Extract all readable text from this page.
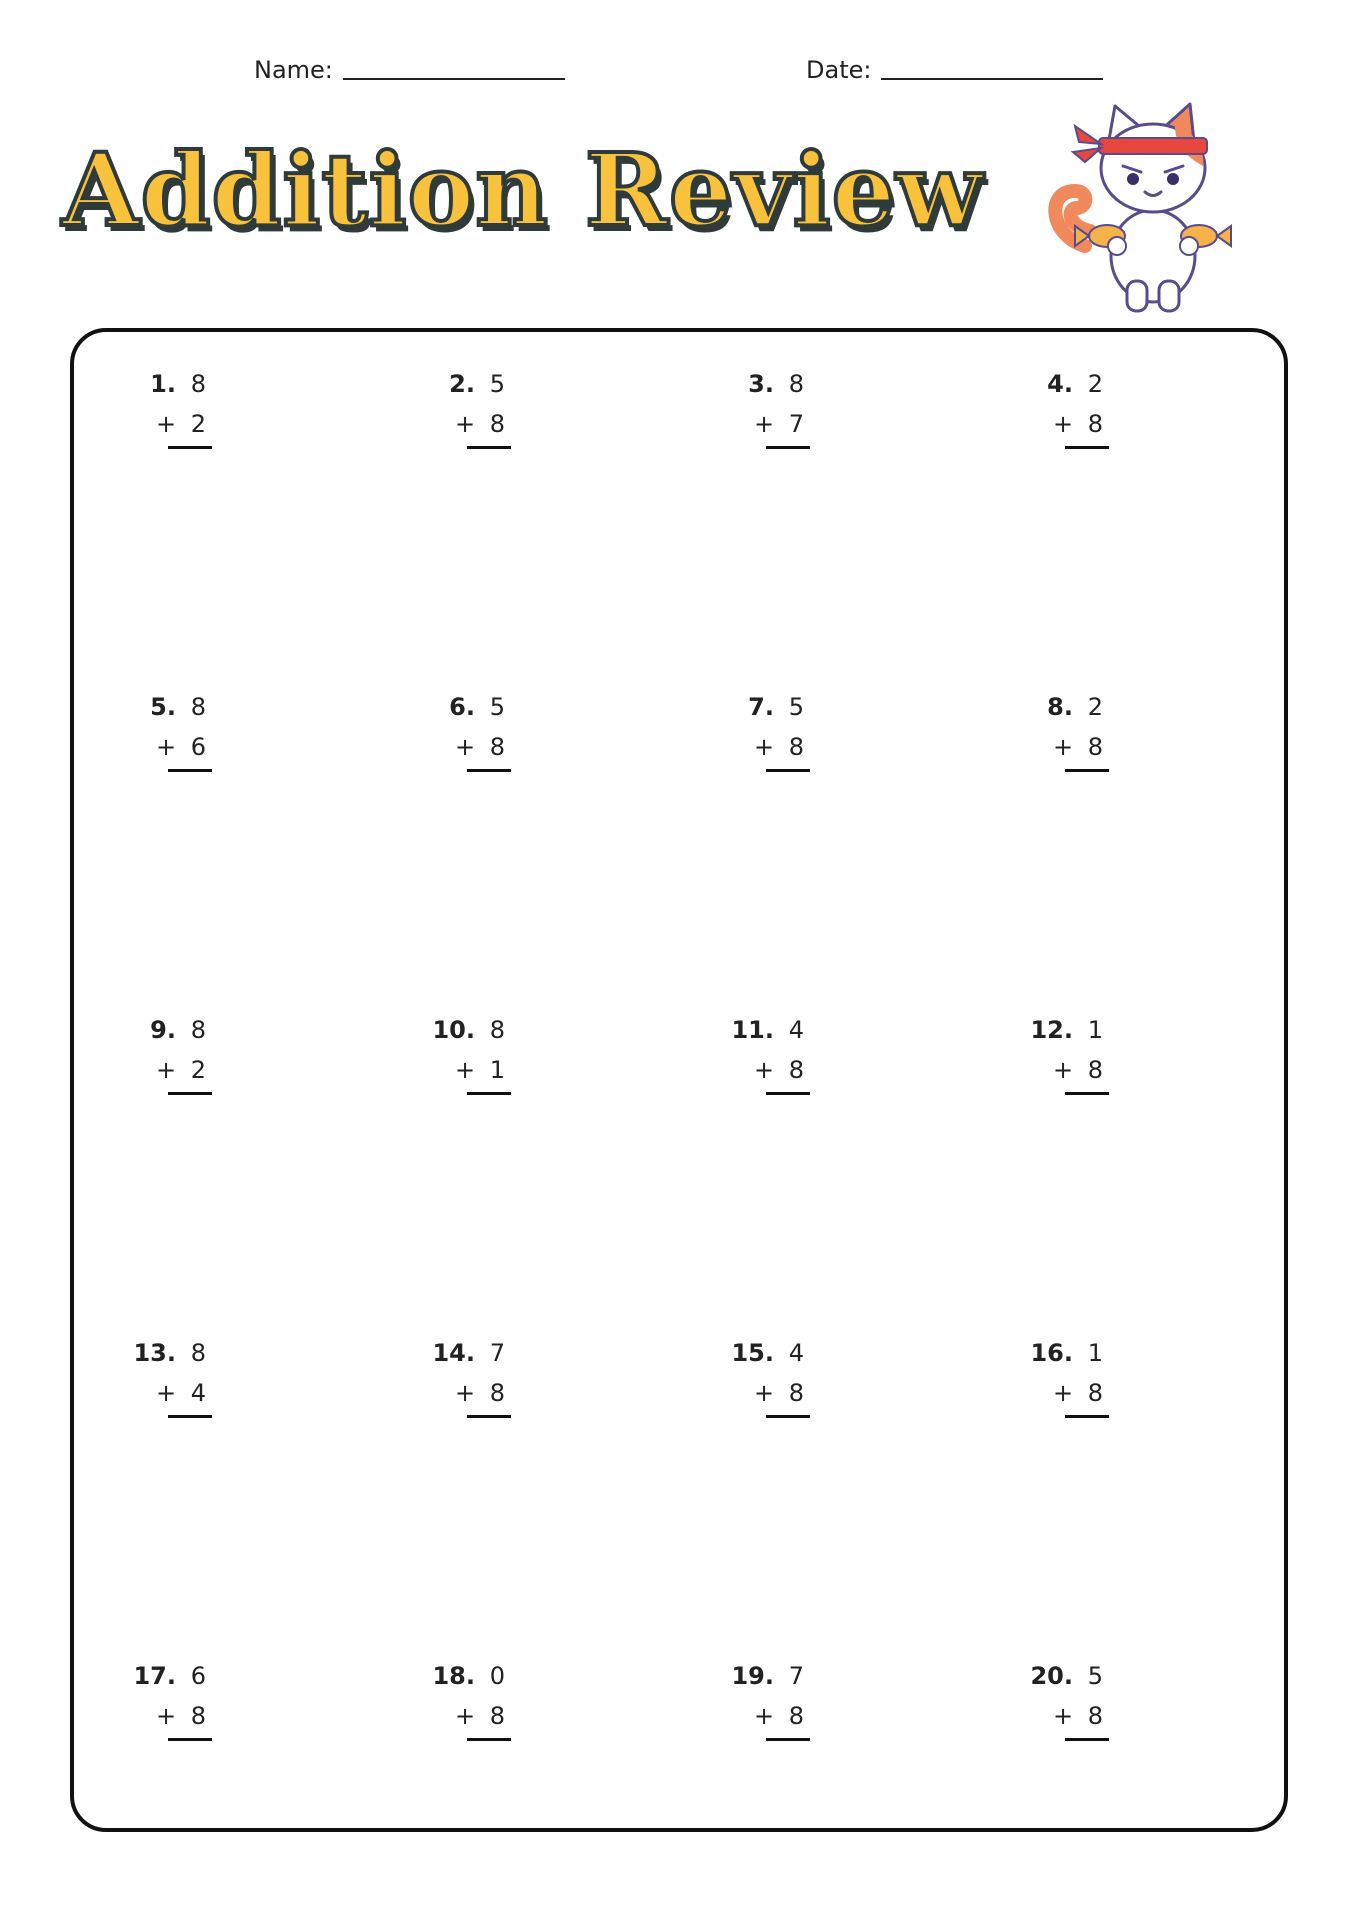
Name:	Date:
Addition Review
1. 8
+ 2
2. 5
+ 8
3. 8
+ 7
4. 2
+ 8
5. 8
+ 6
6. 5
+ 8
7. 5
+ 8
8. 2
+ 8
9. 8
+ 2
10. 8
+ 1
11. 4
+ 8
12. 1
+ 8
13. 8
+ 4
14. 7
+ 8
15. 4
+ 8
16. 1
+ 8
17. 6
+ 8
18. 0
+ 8
19. 7
+ 8
20. 5
+ 8
